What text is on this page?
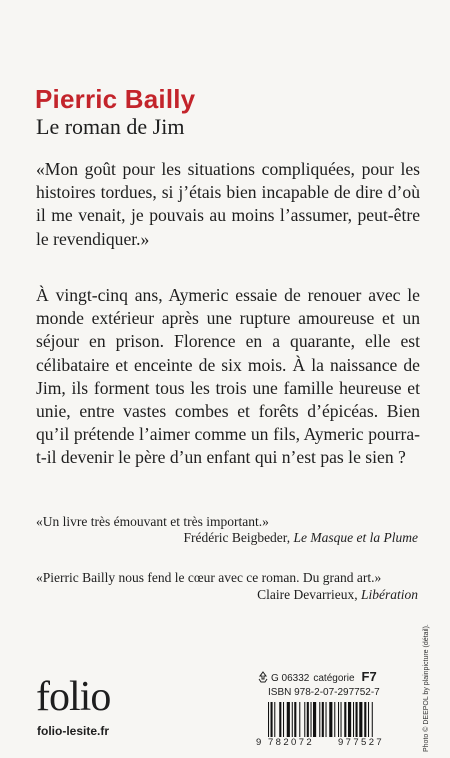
Pierric Bailly
Le roman de Jim
«Mon goût pour les situations compliquées, pour les histoires tordues, si j’étais bien incapable de dire d’où il me venait, je pouvais au moins l’assumer, peut-être le revendiquer.»
À vingt-cinq ans, Aymeric essaie de renouer avec le monde extérieur après une rupture amoureuse et un séjour en prison. Florence en a quarante, elle est célibataire et enceinte de six mois. À la naissance de Jim, ils forment tous les trois une famille heureuse et unie, entre vastes combes et forêts d’épicéas. Bien qu’il prétende l’aimer comme un fils, Aymeric pourra-t-il devenir le père d’un enfant qui n’est pas le sien ?
«Un livre très émouvant et très important.»
Frédéric Beigbeder, Le Masque et la Plume
«Pierric Bailly nous fend le cœur avec ce roman. Du grand art.»
Claire Devarrieux, Libération
folio
folio-lesite.fr
G 06332 catégorie F7
ISBN 978-2-07-297752-7
9 782072	977527	Photo © DEEPOL by plainpicture (détail).
